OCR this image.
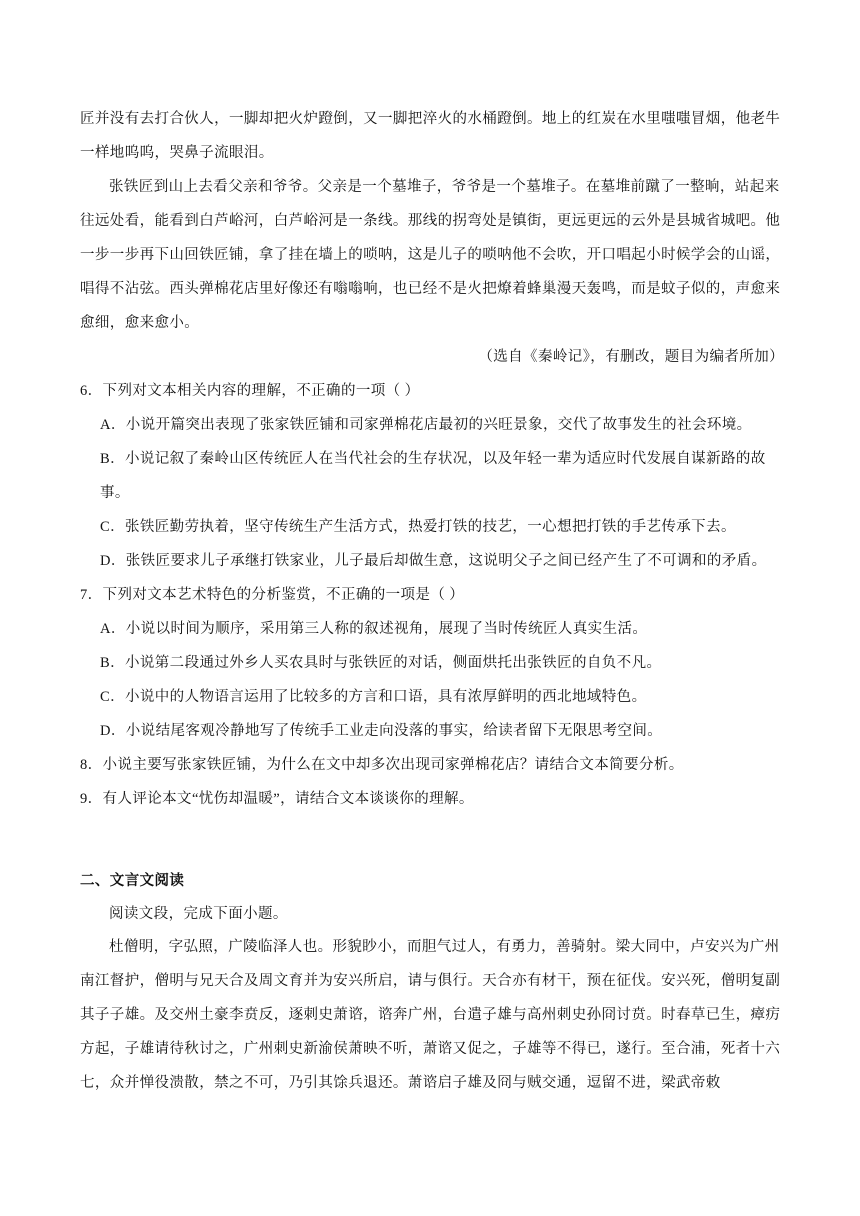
匠并没有去打合伙人，一脚却把火炉蹬倒，又一脚把淬火的水桶蹬倒。地上的红炭在水里嗤嗤冒烟，他老牛一样地呜呜，哭鼻子流眼泪。
张铁匠到山上去看父亲和爷爷。父亲是一个墓堆子，爷爷是一个墓堆子。在墓堆前蹴了一整晌，站起来往远处看，能看到白芦峪河，白芦峪河是一条线。那线的拐弯处是镇街，更远更远的云外是县城省城吧。他一步一步再下山回铁匠铺，拿了挂在墙上的唢呐，这是儿子的唢呐他不会吹，开口唱起小时候学会的山谣，唱得不沾弦。西头弹棉花店里好像还有嗡嗡响，也已经不是火把燎着蜂巢漫天轰鸣，而是蚊子似的，声愈来愈细，愈来愈小。
（选自《秦岭记》，有删改，题目为编者所加）
6．下列对文本相关内容的理解，不正确的一项（ ）
A．小说开篇突出表现了张家铁匠铺和司家弹棉花店最初的兴旺景象，交代了故事发生的社会环境。
B．小说记叙了秦岭山区传统匠人在当代社会的生存状况，以及年轻一辈为适应时代发展自谋新路的故事。
C．张铁匠勤劳执着，坚守传统生产生活方式，热爱打铁的技艺，一心想把打铁的手艺传承下去。
D．张铁匠要求儿子承继打铁家业，儿子最后却做生意，这说明父子之间已经产生了不可调和的矛盾。
7．下列对文本艺术特色的分析鉴赏，不正确的一项是（ ）
A．小说以时间为顺序，采用第三人称的叙述视角，展现了当时传统匠人真实生活。
B．小说第二段通过外乡人买农具时与张铁匠的对话，侧面烘托出张铁匠的自负不凡。
C．小说中的人物语言运用了比较多的方言和口语，具有浓厚鲜明的西北地域特色。
D．小说结尾客观冷静地写了传统手工业走向没落的事实，给读者留下无限思考空间。
8．小说主要写张家铁匠铺，为什么在文中却多次出现司家弹棉花店？请结合文本简要分析。
9．有人评论本文“忧伤却温暖”，请结合文本谈谈你的理解。
二、文言文阅读
阅读文段，完成下面小题。
杜僧明，字弘照，广陵临泽人也。形貌眇小，而胆气过人，有勇力，善骑射。梁大同中，卢安兴为广州南江督护，僧明与兄天合及周文育并为安兴所启，请与俱行。天合亦有材干，预在征伐。安兴死，僧明复副其子子雄。及交州土豪李贲反，逐刺史萧谘，谘奔广州，台遣子雄与高州刺史孙冏讨贲。时春草已生，瘴疠方起，子雄请待秋讨之，广州刺史新渝侯萧映不听，萧谘又促之，子雄等不得已，遂行。至合浦，死者十六七，众并惮役溃散，禁之不可，乃引其馀兵退还。萧谘启子雄及冏与贼交通，逗留不进，梁武帝敕
